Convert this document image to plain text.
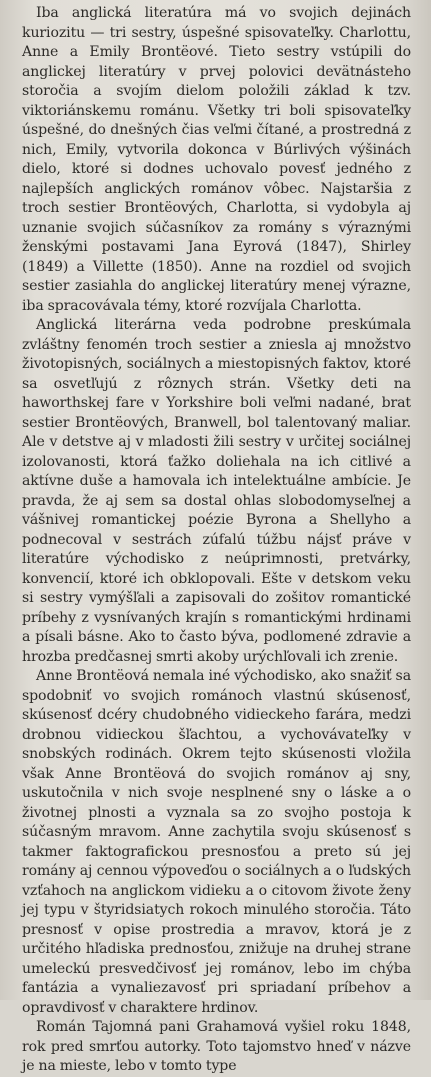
Iba anglická literatúra má vo svojich dejinách kuriozitu — tri sestry, úspešné spisovateľky. Charlottu, Anne a Emily Brontëové. Tieto sestry vstúpili do anglickej literatúry v prvej polovici devätnásteho storočia a svojím dielom položili základ k tzv. viktoriánskemu románu. Všetky tri boli spisovateľky úspešné, do dnešných čias veľmi čítané, a prostredná z nich, Emily, vytvorila dokonca v Búrlivých výšinách dielo, ktoré si dodnes uchovalo povesť jedného z najlepších anglických románov vôbec. Najstaršia z troch sestier Brontëových, Charlotta, si vydobyla aj uznanie svojich súčasníkov za romány s výraznými ženskými postavami Jana Eyrová (1847), Shirley (1849) a Villette (1850). Anne na rozdiel od svojich sestier zasiahla do anglickej literatúry menej výrazne, iba spracovávala témy, ktoré rozvíjala Charlotta.

Anglická literárna veda podrobne preskúmala zvláštny fenomén troch sestier a zniesla aj množstvo životopisných, sociálnych a miestopisných faktov, ktoré sa osvetľujú z rôznych strán. Všetky deti na haworthskej fare v Yorkshire boli veľmi nadané, brat sestier Brontëových, Branwell, bol talentovaný maliar. Ale v detstve aj v mladosti žili sestry v určitej sociálnej izolovanosti, ktorá ťažko doliehala na ich citlivé a aktívne duše a hamovala ich intelektuálne ambície. Je pravda, že aj sem sa dostal ohlas slobodomyseľnej a vášnivej romantickej poézie Byrona a Shellyho a podnecoval v sestrách zúfalú túžbu nájsť práve v literatúre východisko z neúprimnosti, pretvárky, konvencií, ktoré ich obklopovali. Ešte v detskom veku si sestry vymýšľali a zapisovali do zošitov romantické príbehy z vysnívaných krajín s romantickými hrdinami a písali básne. Ako to často býva, podlomené zdravie a hrozba predčasnej smrti akoby urýchľovali ich zrenie.

Anne Brontëová nemala iné východisko, ako snažiť sa spodobniť vo svojich románoch vlastnú skúsenosť, skúsenosť dcéry chudobného vidieckeho farára, medzi drobnou vidieckou šľachtou, a vychovávateľky v snobských rodinách. Okrem tejto skúsenosti vložila však Anne Brontëová do svojich románov aj sny, uskutočnila v nich svoje nesplnené sny o láske a o životnej plnosti a vyznala sa zo svojho postoja k súčasným mravom. Anne zachytila svoju skúsenosť s takmer faktografickou presnosťou a preto sú jej romány aj cennou výpoveďou o sociálnych a o ľudských vzťahoch na anglickom vidieku a o citovom živote ženy jej typu v štyridsiatych rokoch minulého storočia. Táto presnosť v opise prostredia a mravov, ktorá je z určitého hľadiska prednosťou, znižuje na druhej strane umeleckú presvedčivosť jej románov, lebo im chýba fantázia a vynaliezavosť pri spriadaní príbehov a opravdivosť v charaktere hrdinov.

Román Tajomná pani Grahamová vyšiel roku 1848, rok pred smrťou autorky. Toto tajomstvo hneď v názve je na mieste, lebo v tomto type
